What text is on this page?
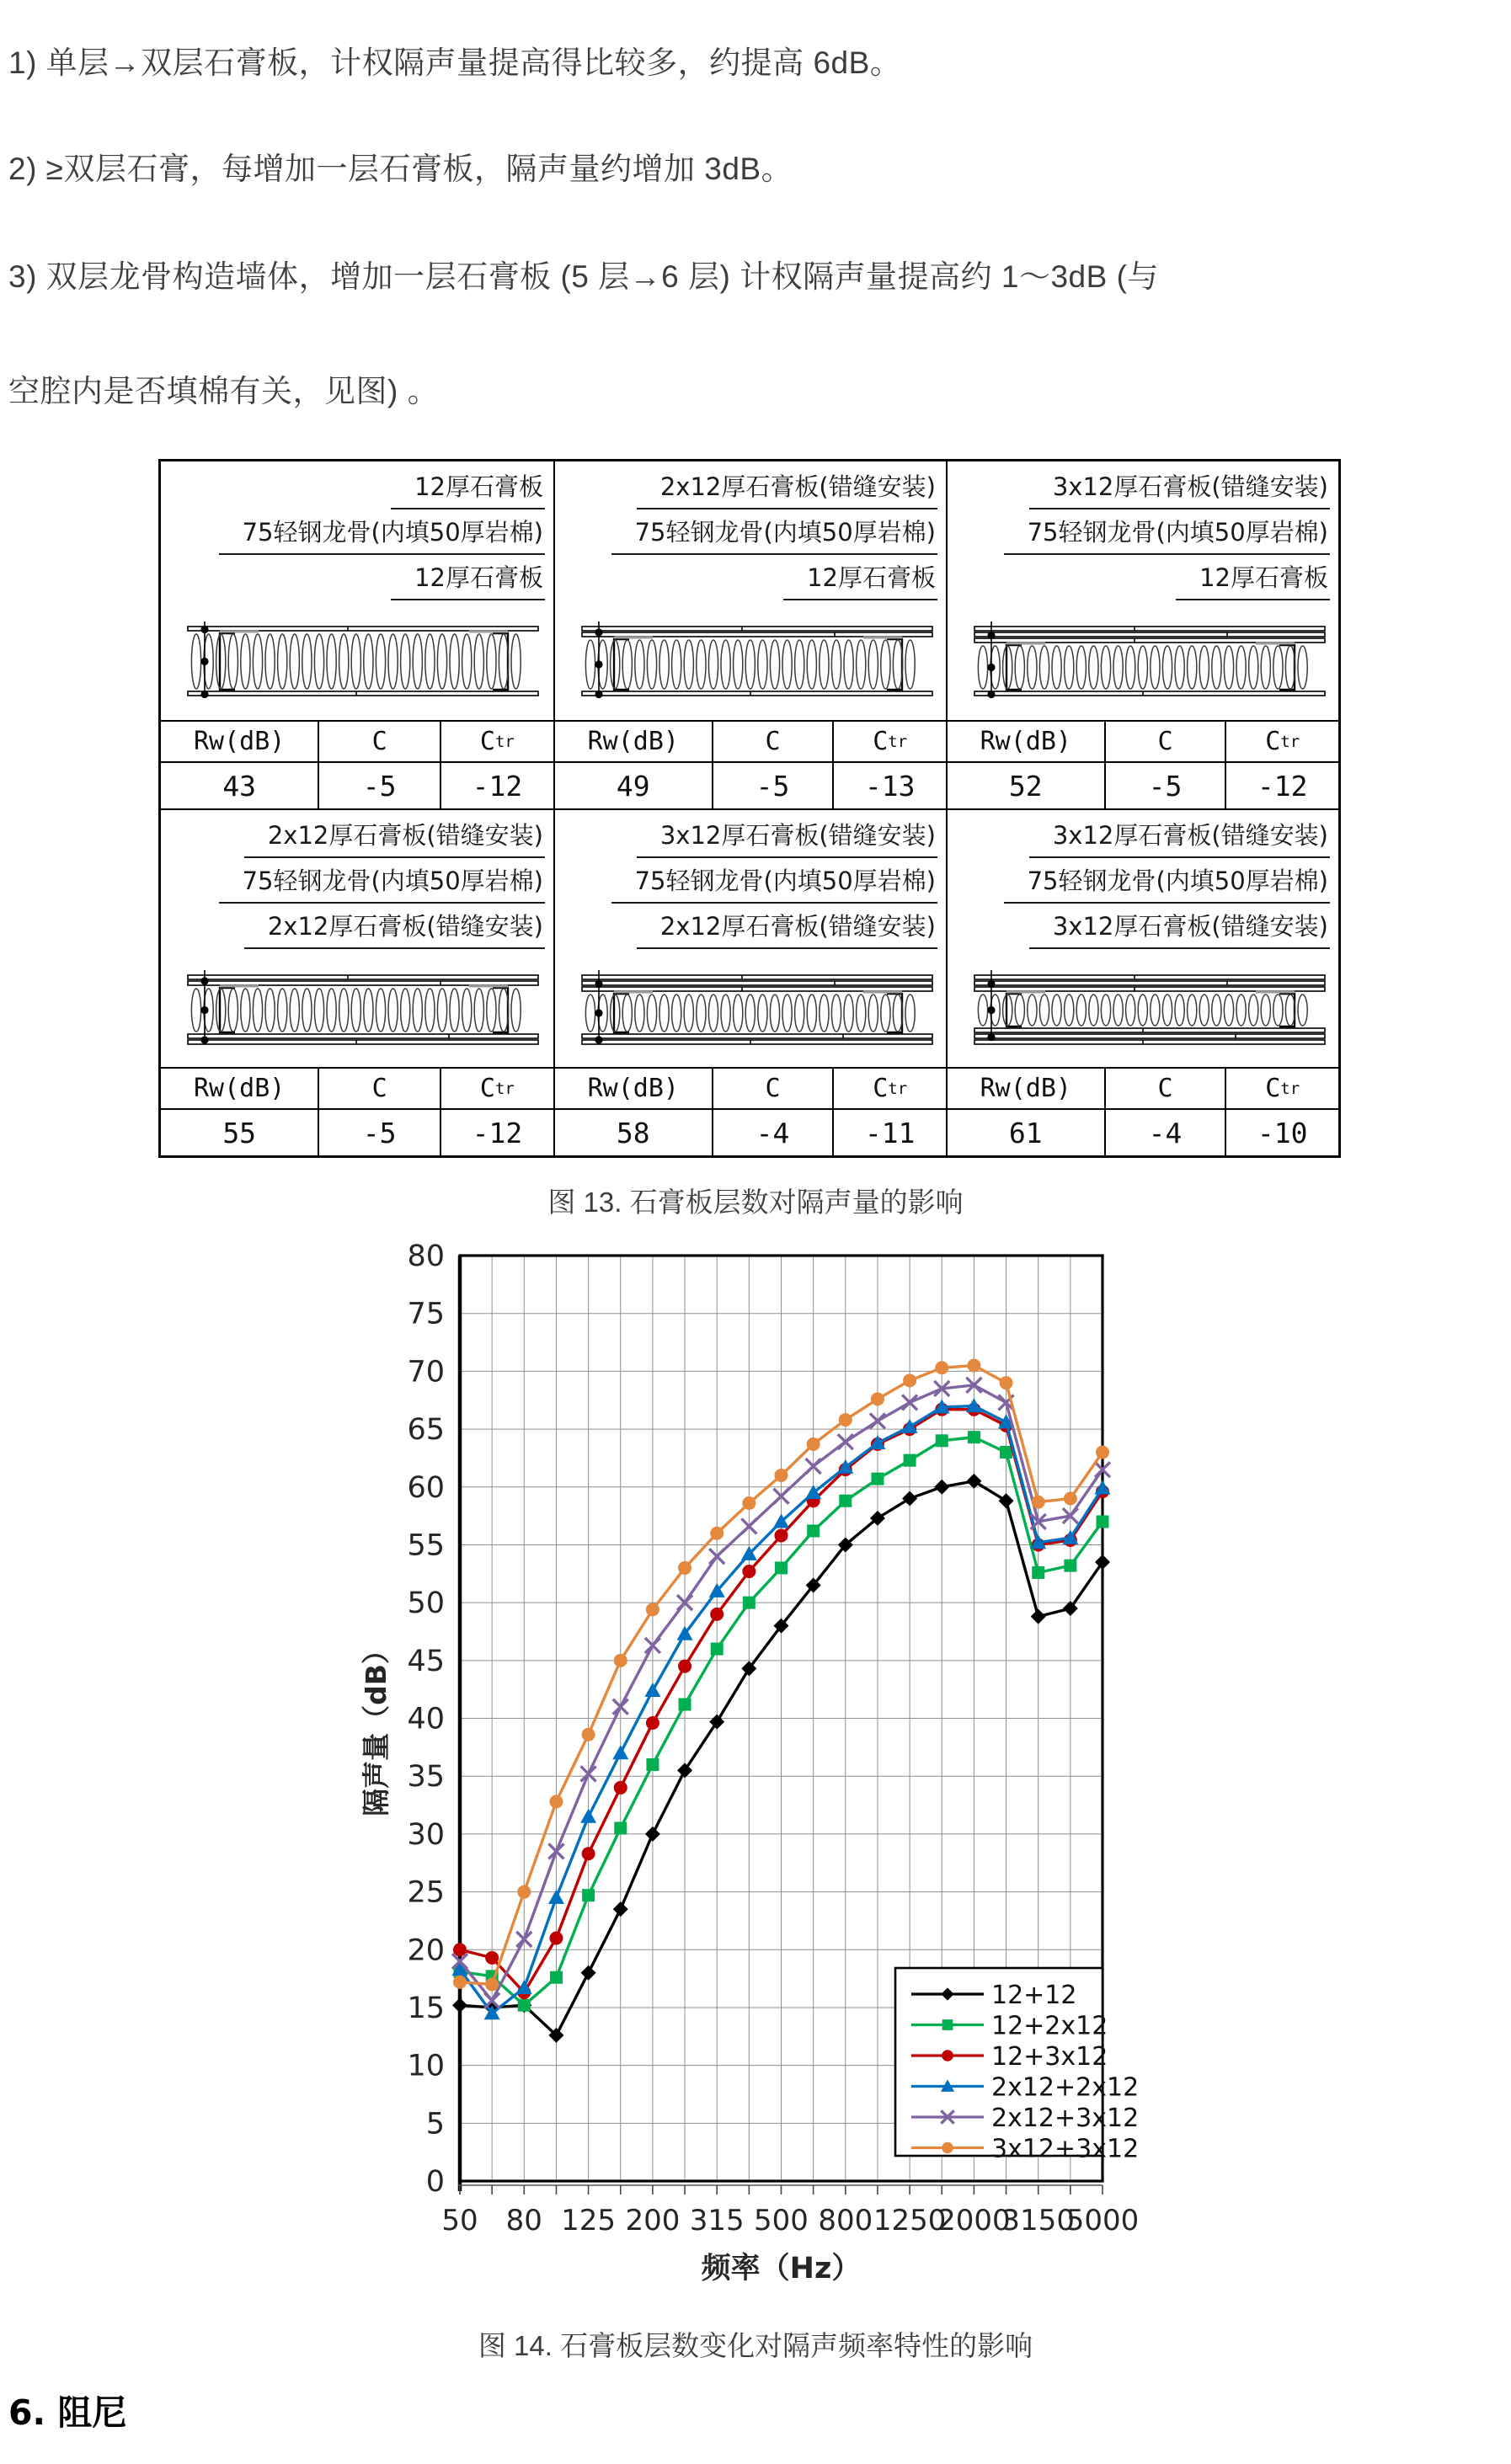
1) 单层→双层石膏板，计权隔声量提高得比较多，约提高 6dB。
2) ≥双层石膏，每增加一层石膏板，隔声量约增加 3dB。
3) 双层龙骨构造墙体，增加一层石膏板 (5 层→6 层) 计权隔声量提高约 1～3dB (与
空腔内是否填棉有关，见图) 。
12厚石膏板
75轻钢龙骨(内填50厚岩棉)
12厚石膏板
Rw(dB)	C	C tr
43	-5	-12
2x12厚石膏板(错缝安装)
75轻钢龙骨(内填50厚岩棉)
12厚石膏板
Rw(dB)	C	C tr
49	-5	-13
3x12厚石膏板(错缝安装)
75轻钢龙骨(内填50厚岩棉)
12厚石膏板
Rw(dB)	C	C tr
52	-5	-12
2x12厚石膏板(错缝安装)
75轻钢龙骨(内填50厚岩棉)
2x12厚石膏板(错缝安装)
Rw(dB)	C	C tr
55	-5	-12
3x12厚石膏板(错缝安装)
75轻钢龙骨(内填50厚岩棉)
2x12厚石膏板(错缝安装)
Rw(dB)	C	C tr
58	-4	-11
3x12厚石膏板(错缝安装)
75轻钢龙骨(内填50厚岩棉)
3x12厚石膏板(错缝安装)
Rw(dB)	C	C tr
61	-4	-10
图 13. 石膏板层数对隔声量的影响
0
5
10
15
20
25
30
35
40
45
50
55
60
65
70
75
80
50 80 125 200 315 500 800 1250
2000
3150
5000
频率（Hz）
隔声量（dB）
12+12
12+2x12
12+3x12
2x12+2x12
2x12+3x12
3x12+3x12
图 14. 石膏板层数变化对隔声频率特性的影响
6. 阻尼
